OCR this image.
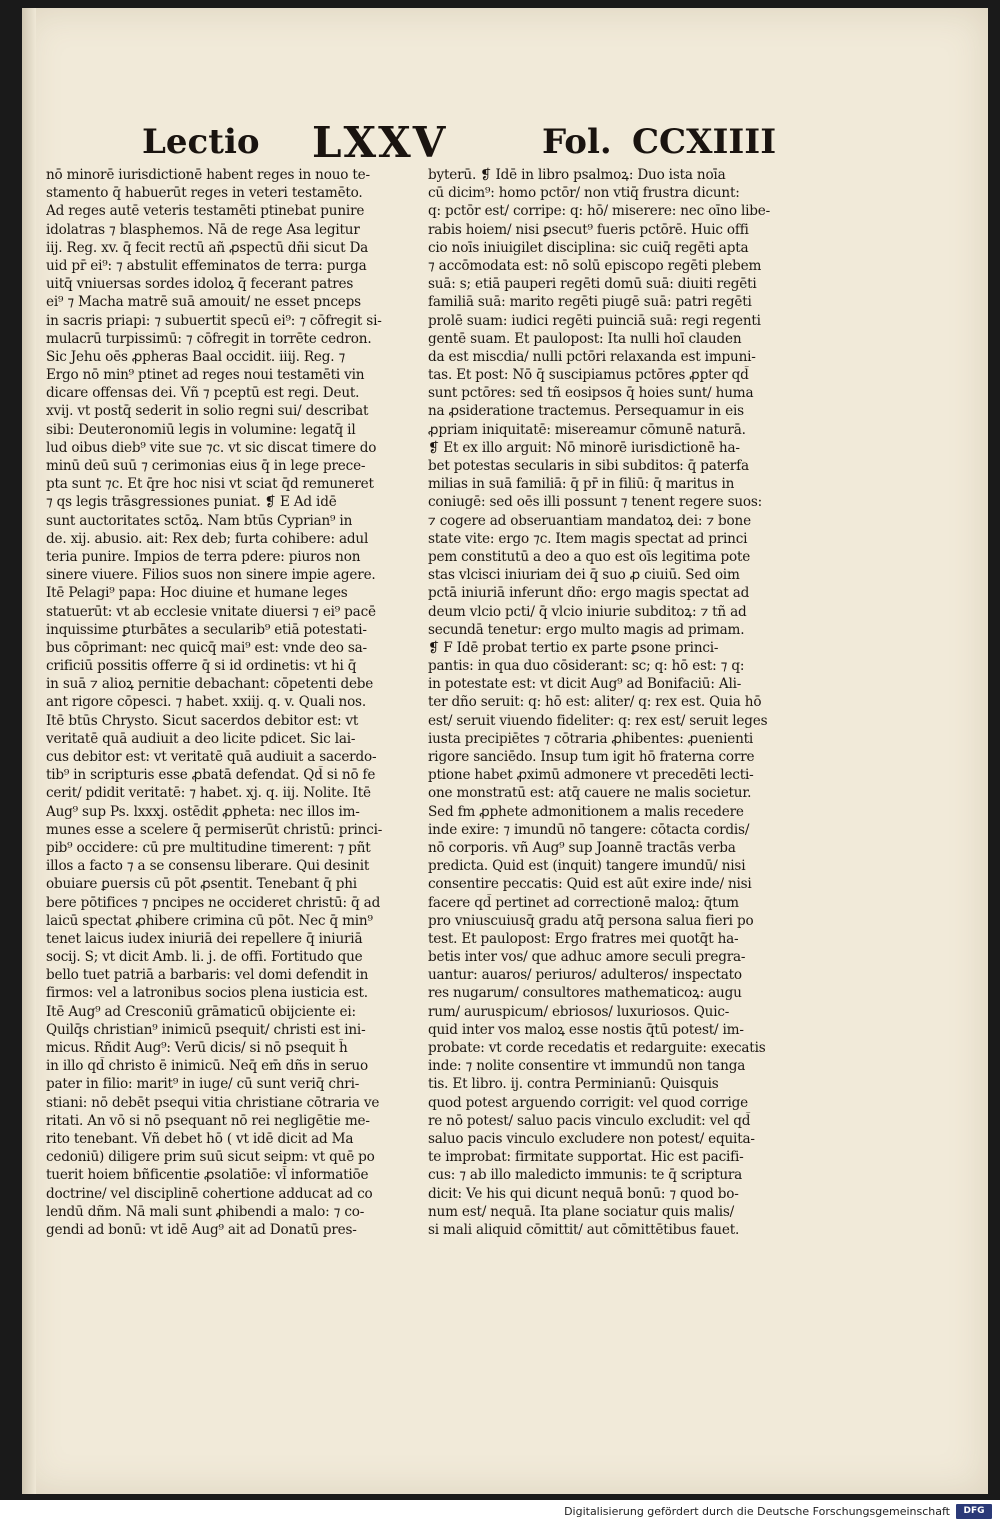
Lectio LXXV	Fol. CCXIIII
nō minorē iurisdictionē habent reges in nouo te-
stamento q̄ habuerūt reges in veteri testamēto.
Ad reges autē veteris testamēti ptinebat punire
idolatras ⁊ blasphemos. Nā de rege Asa legitur
iij. Reg. xv. q̄ fecit rectū añ ꝓspectū dñi sicut Da
uid pr̄ ei⁹: ⁊ abstulit effeminatos de terra: purga
uitq̄ vniuersas sordes idoloꝝ q̄ fecerant patres
ei⁹ ⁊ Macha matrē suā amouit/ ne esset pnceps
in sacris priapi: ⁊ subuertit specū ei⁹: ⁊ cōfregit si-
mulacrū turpissimū: ⁊ cōfregit in torrēte cedron.
Sic Jehu oēs ꝓpheras Baal occidit. iiij. Reg. ⁊
Ergo nō min⁹ ptinet ad reges noui testamēti vin
dicare offensas dei. Vñ ⁊ pceptū est regi. Deut.
xvij. vt postq̄ sederit in solio regni sui/ describat
sibi: Deuteronomiū legis in volumine: legatq̄ il
lud oibus dieb⁹ vite sue ⁊c. vt sic discat timere do
minū deū suū ⁊ cerimonias eius q̄ in lege prece-
pta sunt ⁊c. Et q̄re hoc nisi vt sciat q̄d remuneret
⁊ qs legis trāsgressiones puniat. ❡ E Ad idē
sunt auctoritates sctōꝝ. Nam btūs Cyprian⁹ in
de. xij. abusio. ait: Rex deb; furta cohibere: adul
teria punire. Impios de terra pdere: piuros non
sinere viuere. Filios suos non sinere impie agere.
Itē Pelagi⁹ papa: Hoc diuine et humane leges
statuerūt: vt ab ecclesie vnitate diuersi ⁊ ei⁹ pacē
inquissime ꝑturbātes a secularib⁹ etiā potestati-
bus cōprimant: nec quicq̄ mai⁹ est: vnde deo sa-
crificiū possitis offerre q̄ si id ordinetis: vt hi q̄
in suā ⁊ alioꝝ pernitie debachant: cōpetenti debe
ant rigore cōpesci. ⁊ habet. xxiij. q. v. Quali nos.
Itē btūs Chrysto. Sicut sacerdos debitor est: vt
veritatē quā audiuit a deo licite pdicet. Sic lai-
cus debitor est: vt veritatē quā audiuit a sacerdo-
tib⁹ in scripturis esse ꝓbatā defendat. Qd̄ si nō fe
cerit/ pdidit veritatē: ⁊ habet. xj. q. iij. Nolite. Itē
Aug⁹ sup Ps. lxxxj. ostēdit ꝓpheta: nec illos im-
munes esse a scelere q̄ permiserūt christū: princi-
pib⁹ occidere: cū pre multitudine timerent: ⁊ pñt
illos a facto ⁊ a se consensu liberare. Qui desinit
obuiare ꝑuersis cū pōt ꝓsentit. Tenebant q̄ phi
bere pōtifices ⁊ pncipes ne occideret christū: q̄ ad
laicū spectat ꝓhibere crimina cū pōt. Nec q̄ min⁹
tenet laicus iudex iniuriā dei repellere q̄ iniuriā
socij. S; vt dicit Amb. li. j. de offi. Fortitudo que
bello tuet patriā a barbaris: vel domi defendit in
firmos: vel a latronibus socios plena iusticia est.
Itē Aug⁹ ad Cresconiū grāmaticū obijciente ei:
Quilq̄s christian⁹ inimicū psequit/ christi est ini-
micus. Rñdit Aug⁹: Verū dicis/ si nō psequit h̄
in illo qd̄ christo ē inimicū. Neq̄ em̄ dñs in seruo
pater in filio: marit⁹ in iuge/ cū sunt veriq̄ chri-
stiani: nō debēt psequi vitia christiane cōtraria ve
ritati. An vō si nō psequant nō rei negligētie me-
rito tenebant. Vñ debet hō ( vt idē dicit ad Ma
cedoniū) diligere prim suū sicut seipm: vt quē po
tuerit hoiem bñficentie ꝓsolatiōe: vl̄ informatiōe
doctrine/ vel disciplinē cohertione adducat ad co
lendū dñm. Nā mali sunt ꝓhibendi a malo: ⁊ co-
gendi ad bonū: vt idē Aug⁹ ait ad Donatū pres-
byterū. ❡ Idē in libro psalmoꝝ: Duo ista noīa
cū dicim⁹: homo pctōr/ non vtiq̄ frustra dicunt:
q: pctōr est/ corripe: q: hō/ miserere: nec oīno libe-
rabis hoiem/ nisi ꝑsecut⁹ fueris pctōrē. Huic offi
cio noīs iniuigilet disciplina: sic cuiq̄ regēti apta
⁊ accōmodata est: nō solū episcopo regēti plebem
suā: s; etiā pauperi regēti domū suā: diuiti regēti
familiā suā: marito regēti piugē suā: patri regēti
prolē suam: iudici regēti puinciā suā: regi regenti
gentē suam. Et paulopost: Ita nulli hoī clauden
da est miscdia/ nulli pctōri relaxanda est impuni-
tas. Et post: Nō q̄ suscipiamus pctōres ꝓpter qd̄
sunt pctōres: sed tñ eosipsos q̄ hoies sunt/ huma
na ꝓsideratione tractemus. Persequamur in eis
ꝓpriam iniquitatē: misereamur cōmunē naturā.
❡ Et ex illo arguit: Nō minorē iurisdictionē ha-
bet potestas secularis in sibi subditos: q̄ paterfa
milias in suā familiā: q̄ pr̄ in filiū: q̄ maritus in
coniugē: sed oēs illi possunt ⁊ tenent regere suos:
⁊ cogere ad obseruantiam mandatoꝝ dei: ⁊ bone
state vite: ergo ⁊c. Item magis spectat ad princi
pem constitutū a deo a quo est oīs legitima pote
stas vlcisci iniuriam dei q̄ suo ꝓ ciuiū. Sed oim
pctā iniuriā inferunt dño: ergo magis spectat ad
deum vlcio pcti/ q̄ vlcio iniurie subditoꝝ: ⁊ tñ ad
secundā tenetur: ergo multo magis ad primam.
❡ F Idē probat tertio ex parte ꝑsone princi-
pantis: in qua duo cōsiderant: sc; q: hō est: ⁊ q:
in potestate est: vt dicit Aug⁹ ad Bonifaciū: Ali-
ter dño seruit: q: hō est: aliter/ q: rex est. Quia hō
est/ seruit viuendo fideliter: q: rex est/ seruit leges
iusta precipiētes ⁊ cōtraria ꝓhibentes: ꝓuenienti
rigore sanciēdo. Insup tum igit hō fraterna corre
ptione habet ꝓximū admonere vt precedēti lecti-
one monstratū est: atq̄ cauere ne malis societur.
Sed fm ꝓphete admonitionem a malis recedere
inde exire: ⁊ imundū nō tangere: cōtacta cordis/
nō corporis. vñ Aug⁹ sup Joannē tractās verba
predicta. Quid est (inquit) tangere imundū/ nisi
consentire peccatis: Quid est aūt exire inde/ nisi
facere qd̄ pertinet ad correctionē maloꝝ: q̄tum
pro vniuscuiusq̄ gradu atq̄ persona salua fieri po
test. Et paulopost: Ergo fratres mei quotq̄t ha-
betis inter vos/ que adhuc amore seculi pregra-
uantur: auaros/ periuros/ adulteros/ inspectato
res nugarum/ consultores mathematicoꝝ: augu
rum/ auruspicum/ ebriosos/ luxuriosos. Quic-
quid inter vos maloꝝ esse nostis q̄tū potest/ im-
probate: vt corde recedatis et redarguite: execatis
inde: ⁊ nolite consentire vt immundū non tanga
tis. Et libro. ij. contra Perminianū: Quisquis
quod potest arguendo corrigit: vel quod corrige
re nō potest/ saluo pacis vinculo excludit: vel qd̄
saluo pacis vinculo excludere non potest/ equita-
te improbat: firmitate supportat. Hic est pacifi-
cus: ⁊ ab illo maledicto immunis: te q̄ scriptura
dicit: Ve his qui dicunt nequā bonū: ⁊ quod bo-
num est/ nequā. Ita plane sociatur quis malis/
si mali aliquid cōmittit/ aut cōmittētibus fauet.
Digitalisierung gefördert durch die Deutsche Forschungsgemeinschaft	DFG
